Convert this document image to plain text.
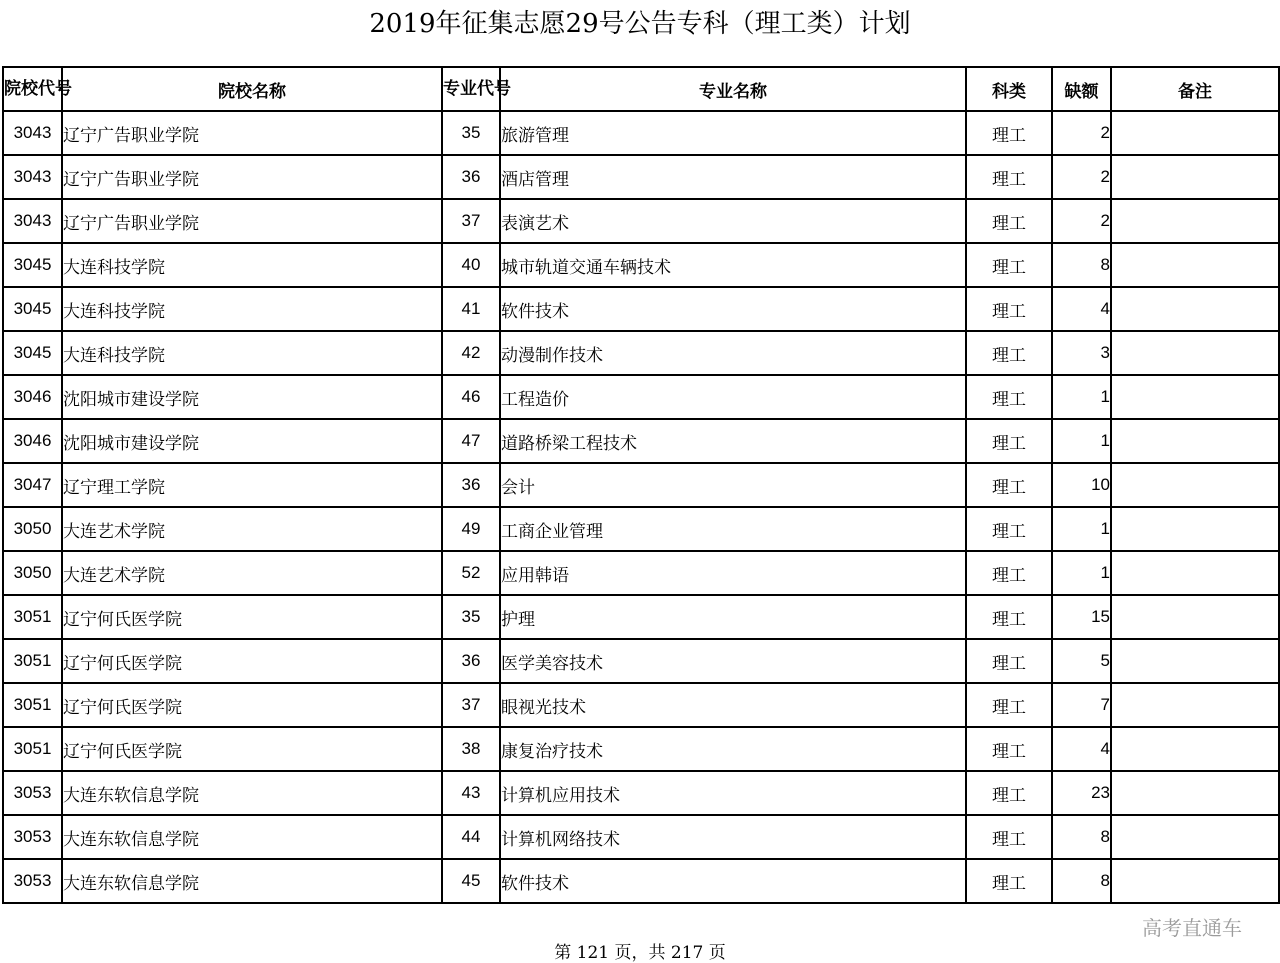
2019年征集志愿29号公告专科（理工类）计划
院校代号	院校名称	专业代号	专业名称	科类	缺额	备注
3043	辽宁广告职业学院	35	旅游管理	理工	2	
3043	辽宁广告职业学院	36	酒店管理	理工	2	
3043	辽宁广告职业学院	37	表演艺术	理工	2	
3045	大连科技学院	40	城市轨道交通车辆技术	理工	8	
3045	大连科技学院	41	软件技术	理工	4	
3045	大连科技学院	42	动漫制作技术	理工	3	
3046	沈阳城市建设学院	46	工程造价	理工	1	
3046	沈阳城市建设学院	47	道路桥梁工程技术	理工	1	
3047	辽宁理工学院	36	会计	理工	10	
3050	大连艺术学院	49	工商企业管理	理工	1	
3050	大连艺术学院	52	应用韩语	理工	1	
3051	辽宁何氏医学院	35	护理	理工	15	
3051	辽宁何氏医学院	36	医学美容技术	理工	5	
3051	辽宁何氏医学院	37	眼视光技术	理工	7	
3051	辽宁何氏医学院	38	康复治疗技术	理工	4	
3053	大连东软信息学院	43	计算机应用技术	理工	23	
3053	大连东软信息学院	44	计算机网络技术	理工	8	
3053	大连东软信息学院	45	软件技术	理工	8	
高考直通车
第 121 页，共 217 页
